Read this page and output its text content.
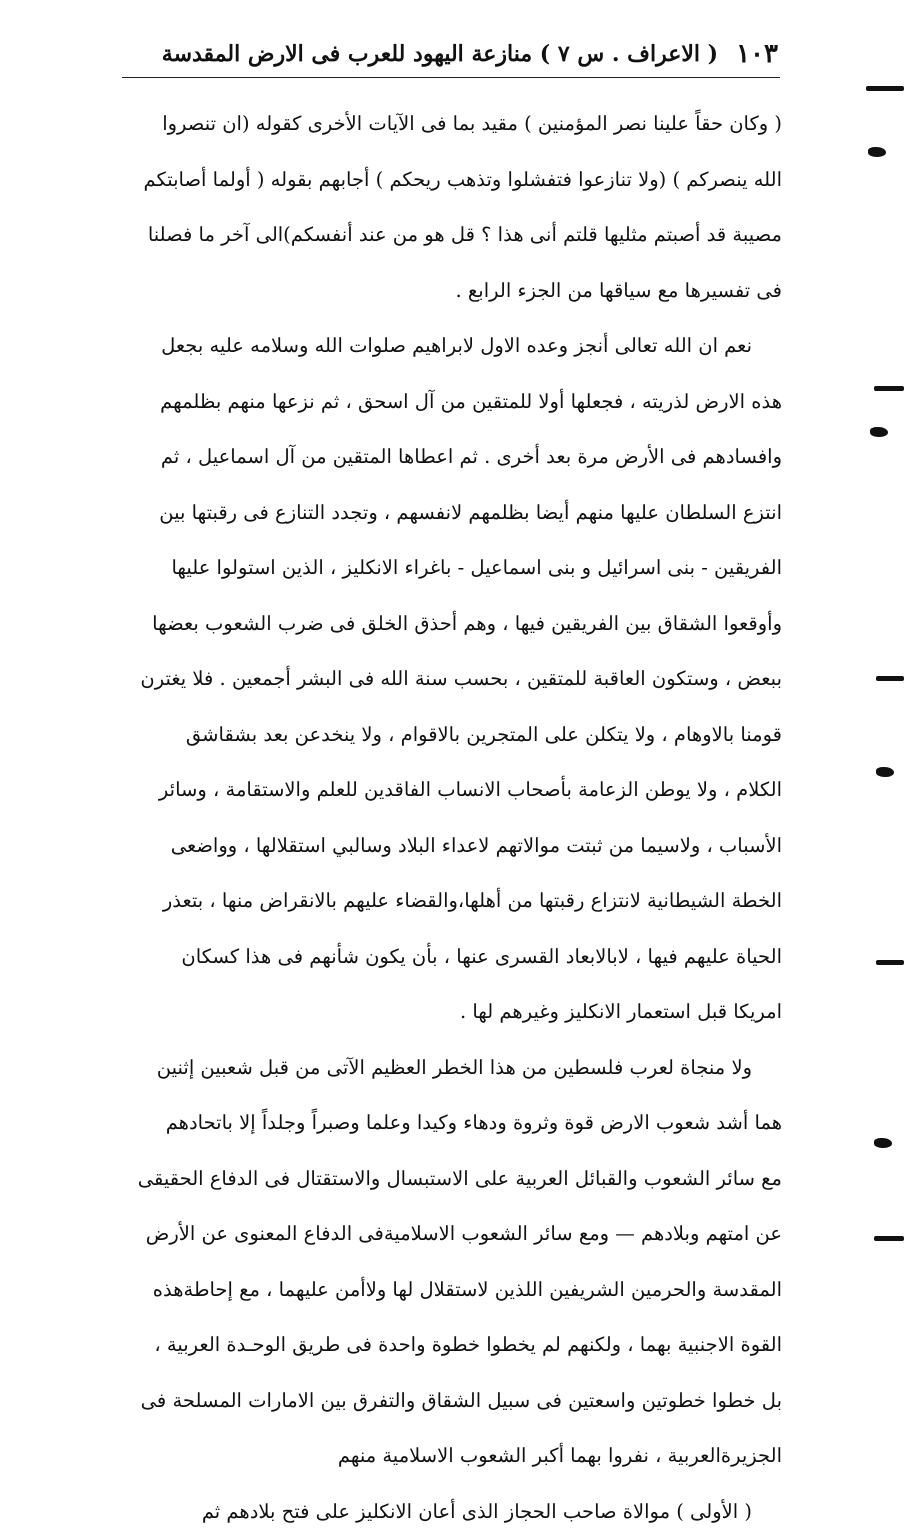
١٠٣
( الاعراف . س ٧ ) منازعة اليهود للعرب فى الارض المقدسة
( وكان حقاً علينا نصر المؤمنين ) مقيد بما فى الآيات الأخرى كقوله (ان تنصروا
الله ينصركم ) (ولا تنازعوا فتفشلوا وتذهب ريحكم ) أجابهم بقوله ( أولما أصابتكم
مصيبة قد أصبتم مثليها قلتم أنى هذا ؟ قل هو من عند أنفسكم)الى آخر ما فصلنا
فى تفسيرها مع سياقها من الجزء الرابع .
نعم ان الله تعالى أنجز وعده الاول لابراهيم صلوات الله وسلامه عليه بجعل
هذه الارض لذريته ، فجعلها أولا للمتقين من آل اسحق ، ثم نزعها منهم بظلمهم
وافسادهم فى الأرض مرة بعد أخرى . ثم اعطاها المتقين من آل اسماعيل ، ثم
انتزع السلطان عليها منهم أيضا بظلمهم لانفسهم ، وتجدد التنازع فى رقبتها بين
الفريقين - بنى اسرائيل و بنى اسماعيل - باغراء الانكليز ، الذين استولوا عليها
وأوقعوا الشقاق بين الفريقين فيها ، وهم أحذق الخلق فى ضرب الشعوب بعضها
ببعض ، وستكون العاقبة للمتقين ، بحسب سنة الله فى البشر أجمعين . فلا يغترن
قومنا بالاوهام ، ولا يتكلن على المتجرين بالاقوام ، ولا ينخدعن بعد بشقاشق
الكلام ، ولا يوطن الزعامة بأصحاب الانساب الفاقدين للعلم والاستقامة ، وسائر
الأسباب ، ولاسيما من ثبتت موالاتهم لاعداء البلاد وسالبي استقلالها ، وواضعى
الخطة الشيطانية لانتزاع رقبتها من أهلها،والقضاء عليهم بالانقراض منها ، بتعذر
الحياة عليهم فيها ، لابالابعاد القسرى عنها ، بأن يكون شأنهم فى هذا كسكان
امريكا قبل استعمار الانكليز وغيرهم لها .
ولا منجاة لعرب فلسطين من هذا الخطر العظيم الآتى من قبل شعبين إثنين
هما أشد شعوب الارض قوة وثروة ودهاء وكيدا وعلما وصبراً وجلداً إلا باتحادهم
مع سائر الشعوب والقبائل العربية على الاستبسال والاستقتال فى الدفاع الحقيقى
عن امتهم وبلادهم — ومع سائر الشعوب الاسلاميةفى الدفاع المعنوى عن الأرض
المقدسة والحرمين الشريفين اللذين لاستقلال لها ولاأمن عليهما ، مع إحاطةهذه
القوة الاجنبية بهما ، ولكنهم لم يخطوا خطوة واحدة فى طريق الوحـدة العربية ،
بل خطوا خطوتين واسعتين فى سبيل الشقاق والتفرق بين الامارات المسلحة فى
الجزيرةالعربية ، نفروا بهما أكبر الشعوب الاسلامية منهم
( الأولى ) موالاة صاحب الحجاز الذى أعان الانكليز على فتح بلادهم ثم
